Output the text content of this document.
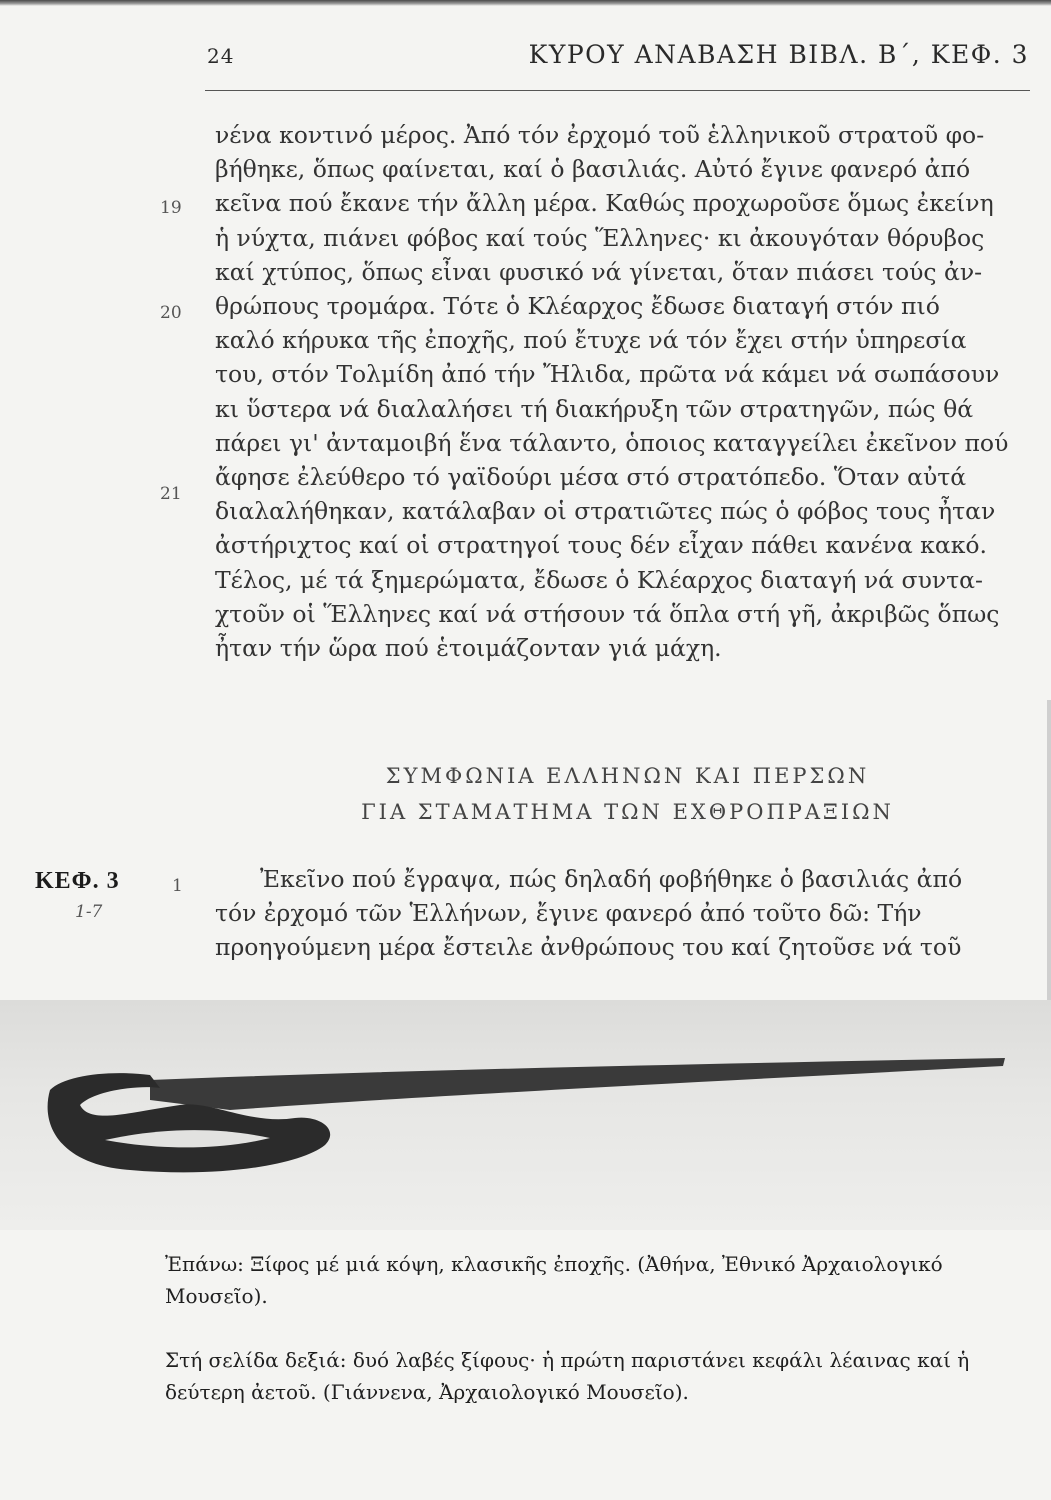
24	ΚΥΡΟΥ ΑΝΑΒΑΣΗ ΒΙΒΛ. Β΄, ΚΕΦ. 3
νένα κοντινό μέρος. Ἀπό τόν ἐρχομό τοῦ ἑλληνικοῦ στρατοῦ φο-
βήθηκε, ὅπως φαίνεται, καί ὁ βασιλιάς. Αὐτό ἔγινε φανερό ἀπό
κεῖνα πού ἔκανε τήν ἄλλη μέρα. Καθώς προχωροῦσε ὅμως ἐκείνη
ἡ νύχτα, πιάνει φόβος καί τούς Ἕλληνες· κι ἀκουγόταν θόρυβος
καί χτύπος, ὅπως εἶναι φυσικό νά γίνεται, ὅταν πιάσει τούς ἀν-
θρώπους τρομάρα. Τότε ὁ Κλέαρχος ἔδωσε διαταγή στόν πιό
καλό κήρυκα τῆς ἐποχῆς, πού ἔτυχε νά τόν ἔχει στήν ὑπηρεσία
του, στόν Τολμίδη ἀπό τήν Ἤλιδα, πρῶτα νά κάμει νά σωπάσουν
κι ὕστερα νά διαλαλήσει τή διακήρυξη τῶν στρατηγῶν, πώς θά
πάρει γι' ἀνταμοιβή ἕνα τάλαντο, ὁποιος καταγγείλει ἐκεῖνον πού
ἄφησε ἐλεύθερο τό γαϊδούρι μέσα στό στρατόπεδο. Ὅταν αὐτά
διαλαλήθηκαν, κατάλαβαν οἱ στρατιῶτες πώς ὁ φόβος τους ἦταν
ἀστήριχτος καί οἱ στρατηγοί τους δέν εἶχαν πάθει κανένα κακό.
Τέλος, μέ τά ξημερώματα, ἔδωσε ὁ Κλέαρχος διαταγή νά συντα-
χτοῦν οἱ Ἕλληνες καί νά στήσουν τά ὅπλα στή γῆ, ἀκριβῶς ὅπως
ἦταν τήν ὥρα πού ἑτοιμάζονταν γιά μάχη.
19
20
21
ΣΥΜΦΩΝΙΑ ΕΛΛΗΝΩΝ ΚΑΙ ΠΕΡΣΩΝ
ΓΙΑ ΣΤΑΜΑΤΗΜΑ ΤΩΝ ΕΧΘΡΟΠΡΑΞΙΩΝ
ΚΕΦ. 3
1-7
1	Ἐκεῖνο πού ἔγραψα, πώς δηλαδή φοβήθηκε ὁ βασιλιάς ἀπό
τόν ἐρχομό τῶν Ἑλλήνων, ἔγινε φανερό ἀπό τοῦτο δῶ: Τήν
προηγούμενη μέρα ἔστειλε ἀνθρώπους του καί ζητοῦσε νά τοῦ

Ἐπάνω: Ξίφος μέ μιά κόψη, κλασικῆς ἐποχῆς. (Ἀθήνα, Ἐθνικό Ἀρχαιολογικό Μουσεῖο).

Στή σελίδα δεξιά: δυό λαβές ξίφους· ἡ πρώτη παριστάνει κεφάλι λέαινας καί ἡ δεύτερη ἀετοῦ. (Γιάννενα, Ἀρχαιολογικό Μουσεῖο).
